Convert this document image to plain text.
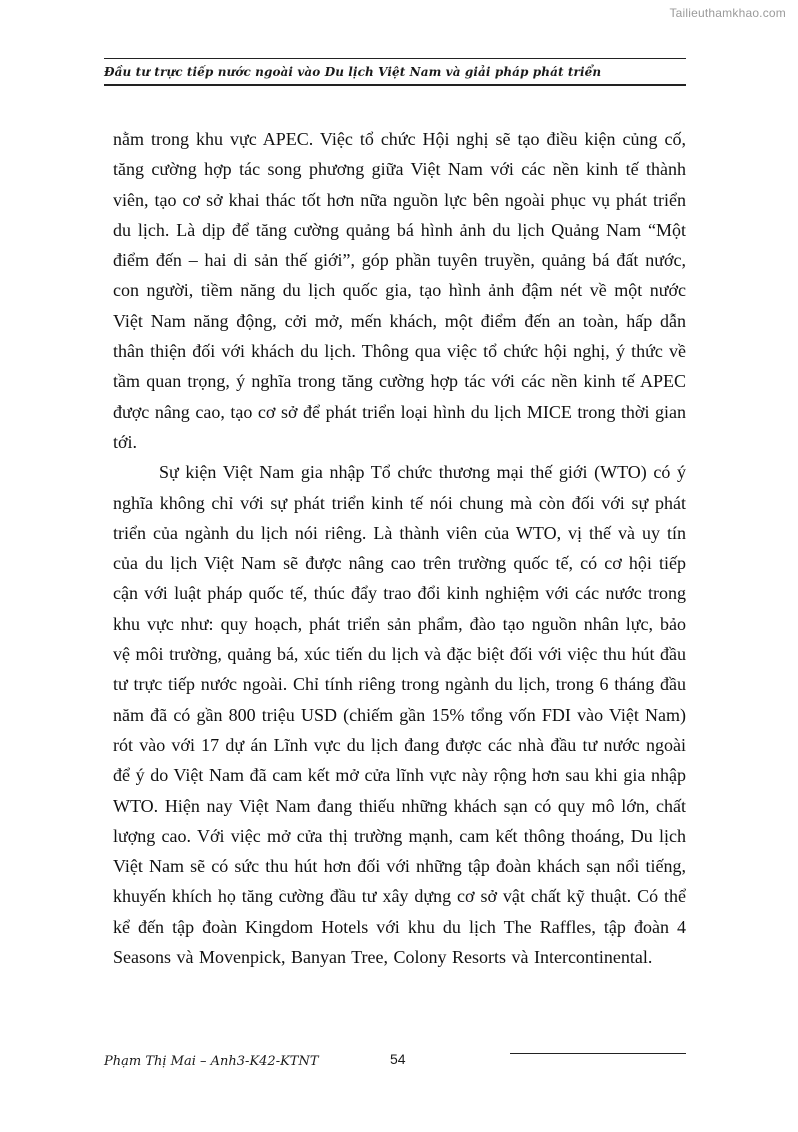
Tailieuthamkhao.com
Đầu tư trực tiếp nước ngoài vào Du lịch Việt Nam và giải pháp phát triển

nằm trong khu vực APEC. Việc tổ chức Hội nghị sẽ tạo điều kiện củng cố, tăng cường hợp tác song phương giữa Việt Nam với các nền kinh tế thành viên, tạo cơ sở khai thác tốt hơn nữa nguồn lực bên ngoài phục vụ phát triển du lịch. Là dịp để tăng cường quảng bá hình ảnh du lịch Quảng Nam “Một điểm đến – hai di sản thế giới”, góp phần tuyên truyền, quảng bá đất nước, con người, tiềm năng du lịch quốc gia, tạo hình ảnh đậm nét về một nước Việt Nam năng động, cởi mở, mến khách, một điểm đến an toàn, hấp dẫn thân thiện đối với khách du lịch. Thông qua việc tổ chức hội nghị, ý thức về tầm quan trọng, ý nghĩa trong tăng cường hợp tác với các nền kinh tế APEC được nâng cao, tạo cơ sở để phát triển loại hình du lịch MICE trong thời gian tới.

Sự kiện Việt Nam gia nhập Tổ chức thương mại thế giới (WTO) có ý nghĩa không chỉ với sự phát triển kinh tế nói chung mà còn đối với sự phát triển của ngành du lịch nói riêng. Là thành viên của WTO, vị thế và uy tín của du lịch Việt Nam sẽ được nâng cao trên trường quốc tế, có cơ hội tiếp cận với luật pháp quốc tế, thúc đẩy trao đổi kinh nghiệm với các nước trong khu vực như: quy hoạch, phát triển sản phẩm, đào tạo nguồn nhân lực, bảo vệ môi trường, quảng bá, xúc tiến du lịch và đặc biệt đối với việc thu hút đầu tư trực tiếp nước ngoài. Chỉ tính riêng trong ngành du lịch, trong 6 tháng đầu năm đã có gần 800 triệu USD (chiếm gần 15% tổng vốn FDI vào Việt Nam) rót vào với 17 dự án Lĩnh vực du lịch đang được các nhà đầu tư nước ngoài để ý do Việt Nam đã cam kết mở cửa lĩnh vực này rộng hơn sau khi gia nhập WTO. Hiện nay Việt Nam đang thiếu những khách sạn có quy mô lớn, chất lượng cao. Với việc mở cửa thị trường mạnh, cam kết thông thoáng, Du lịch Việt Nam sẽ có sức thu hút hơn đối với những tập đoàn khách sạn nổi tiếng, khuyến khích họ tăng cường đầu tư xây dựng cơ sở vật chất kỹ thuật. Có thể kể đến tập đoàn Kingdom Hotels với khu du lịch The Raffles, tập đoàn 4 Seasons và Movenpick, Banyan Tree, Colony Resorts và Intercontinental.

Phạm Thị Mai – Anh3-K42-KTNT	54
